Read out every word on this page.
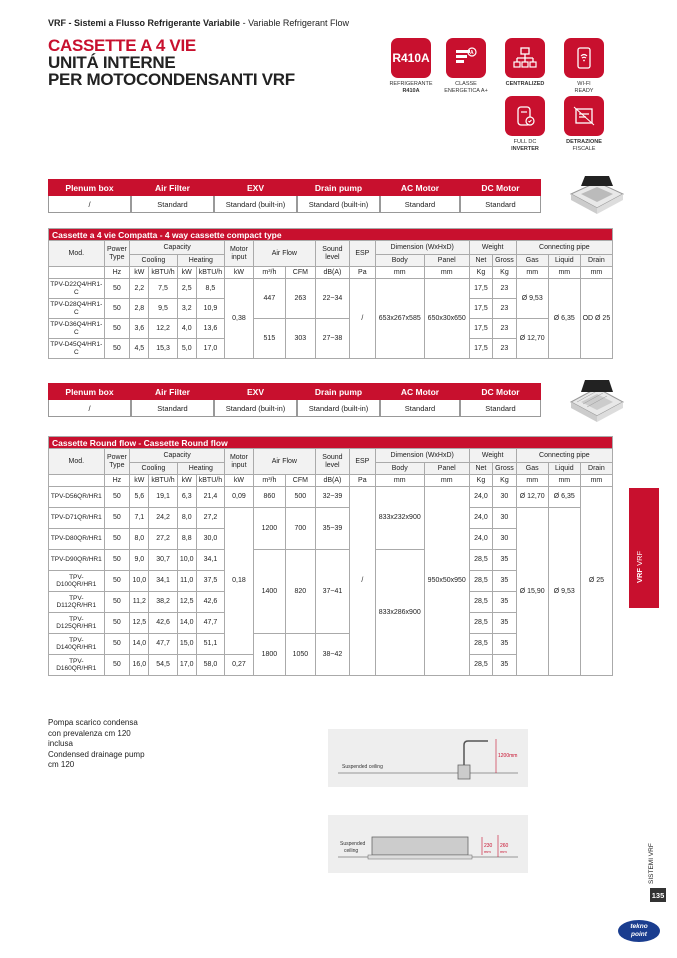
VRF - Sistemi a Flusso Refrigerante Variabile - Variable Refrigerant Flow
CASSETTE A 4 VIE
UNITÁ INTERNE
PER MOTOCONDENSANTI VRF
R410A
REFRIGERANTE
R410A
A
CLASSE
ENERGETICA A+
CENTRALIZED	WI-FI
READY
FULL DC
INVERTER
DETRAZIONE
FISCALE
Plenum box	Air Filter	EXV	Drain pump	AC Motor	DC Motor
/	Standard	Standard (built-in)	Standard (built-in)	Standard	Standard
Cassette a 4 vie Compatta - 4 way cassette compact type																	
Mod.	Power Type	Capacity				Motor input	Air Flow		Sound level	ESP	Dimension (WxHxD)		Weight		Connecting pipe		
		Cooling		Heating							Body	Panel	Net	Gross	Gas	Liquid	Drain
	Hz	kW	kBTU/h	kW	kBTU/h	kW	m³/h	CFM	dB(A)	Pa	mm	mm	Kg	Kg	mm	mm	mm
TPV-D22Q4/HR1-C	50	2,2	7,5	2,5	8,5	0,38	447	263	22~34	/	653x267x585	650x30x650	17,5	23	Ø 9,53	Ø 6,35	OD Ø 25
TPV-D28Q4/HR1-C	50	2,8	9,5	3,2	10,9								17,5	23			
TPV-D36Q4/HR1-C	50	3,6	12,2	4,0	13,6		515	303	27~38				17,5	23	Ø 12,70		
TPV-D45Q4/HR1-C	50	4,5	15,3	5,0	17,0								17,5	23			
Plenum box	Air Filter	EXV	Drain pump	AC Motor	DC Motor
/	Standard	Standard (built-in)	Standard (built-in)	Standard	Standard
Cassette Round flow - Cassette Round flow																	
Mod.	Power Type	Capacity				Motor input	Air Flow		Sound level	ESP	Dimension (WxHxD)		Weight		Connecting pipe		
		Cooling		Heating							Body	Panel	Net	Gross	Gas	Liquid	Drain
	Hz	kW	kBTU/h	kW	kBTU/h	kW	m³/h	CFM	dB(A)	Pa	mm	mm	Kg	Kg	mm	mm	mm
TPV-D56QR/HR1	50	5,6	19,1	6,3	21,4	0,09	860	500	32~39	/	833x232x900	950x50x950	24,0	30	Ø 12,70	Ø 6,35	Ø 25
TPV-D71QR/HR1	50	7,1	24,2	8,0	27,2	0,18	1200	700	35~39				24,0	30	Ø 15,90	Ø 9,53	
TPV-D80QR/HR1	50	8,0	27,2	8,8	30,0								24,0	30			
TPV-D90QR/HR1	50	9,0	30,7	10,0	34,1		1400	820	37~41		833x286x900		28,5	35			
TPV-D100QR/HR1	50	10,0	34,1	11,0	37,5								28,5	35			
TPV-D112QR/HR1	50	11,2	38,2	12,5	42,6								28,5	35			
TPV-D125QR/HR1	50	12,5	42,6	14,0	47,7								28,5	35			
TPV-D140QR/HR1	50	14,0	47,7	15,0	51,1		1800	1050	38~42				28,5	35			
TPV-D160QR/HR1	50	16,0	54,5	17,0	58,0	0,27							28,5	35			
VRF VRF
Pompa scarico condensa
con prevalenza cm 120
inclusa
Condensed drainage pump
cm 120	Suspended ceiling
1200mm
Suspended
ceiling
230
mm
260
mm	SISTEMI VRF
135
tekno
point
